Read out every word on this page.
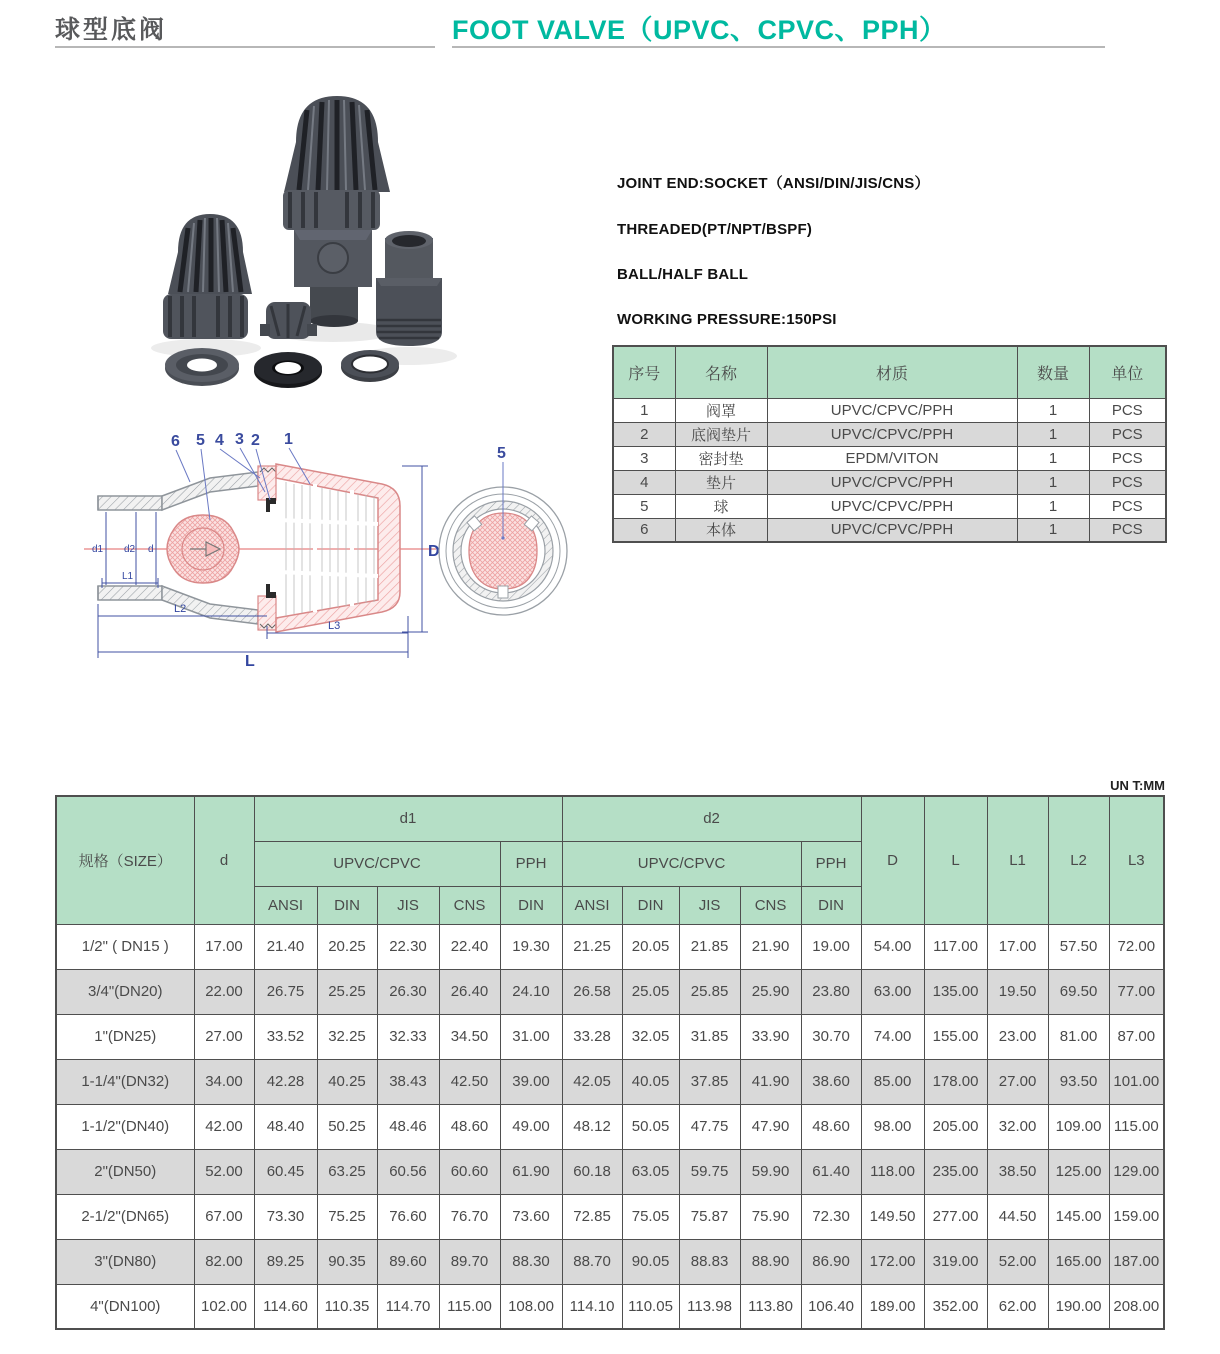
球型底阀	FOOT VALVE（UPVC、CPVC、PPH）
6 5 4 3 2 1
D
L
L3
L2
L1
d1 d2 d
5
JOINT END:SOCKET（ANSI/DIN/JIS/CNS）
THREADED(PT/NPT/BSPF)
BALL/HALF BALL
WORKING PRESSURE:150PSI
序号	名称	材质	数量	单位
1	阀罩	UPVC/CPVC/PPH	1	PCS
2	底阀垫片	UPVC/CPVC/PPH	1	PCS
3	密封垫	EPDM/VITON	1	PCS
4	垫片	UPVC/CPVC/PPH	1	PCS
5	球	UPVC/CPVC/PPH	1	PCS
6	本体	UPVC/CPVC/PPH	1	PCS
UN T:MM
规格（SIZE）	d	d1					d2					D	L	L1	L2	L3
		UPVC/CPVC				PPH	UPVC/CPVC				PPH					
		ANSI	DIN	JIS	CNS	DIN	ANSI	DIN	JIS	CNS	DIN					
1/2" ( DN15 )	17.00	21.40	20.25	22.30	22.40	19.30	21.25	20.05	21.85	21.90	19.00	54.00	117.00	17.00	57.50	72.00
3/4"(DN20)	22.00	26.75	25.25	26.30	26.40	24.10	26.58	25.05	25.85	25.90	23.80	63.00	135.00	19.50	69.50	77.00
1"(DN25)	27.00	33.52	32.25	32.33	34.50	31.00	33.28	32.05	31.85	33.90	30.70	74.00	155.00	23.00	81.00	87.00
1-1/4"(DN32)	34.00	42.28	40.25	38.43	42.50	39.00	42.05	40.05	37.85	41.90	38.60	85.00	178.00	27.00	93.50	101.00
1-1/2"(DN40)	42.00	48.40	50.25	48.46	48.60	49.00	48.12	50.05	47.75	47.90	48.60	98.00	205.00	32.00	109.00	115.00
2"(DN50)	52.00	60.45	63.25	60.56	60.60	61.90	60.18	63.05	59.75	59.90	61.40	118.00	235.00	38.50	125.00	129.00
2-1/2"(DN65)	67.00	73.30	75.25	76.60	76.70	73.60	72.85	75.05	75.87	75.90	72.30	149.50	277.00	44.50	145.00	159.00
3"(DN80)	82.00	89.25	90.35	89.60	89.70	88.30	88.70	90.05	88.83	88.90	86.90	172.00	319.00	52.00	165.00	187.00
4"(DN100)	102.00	114.60	110.35	114.70	115.00	108.00	114.10	110.05	113.98	113.80	106.40	189.00	352.00	62.00	190.00	208.00
